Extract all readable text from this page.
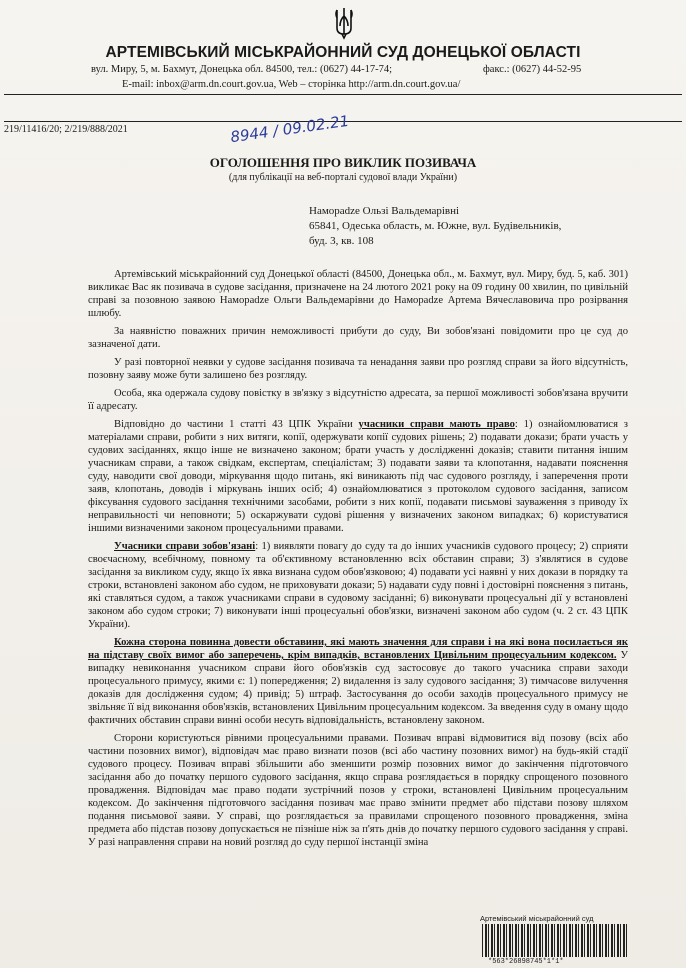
АРТЕМІВСЬКИЙ МІСЬКРАЙОННИЙ СУД ДОНЕЦЬКОЇ ОБЛАСТІ
вул. Миру, 5, м. Бахмут, Донецька обл. 84500, тел.: (0627) 44-17-74;	факс.: (0627) 44-52-95
E-mail: inbox@arm.dn.court.gov.ua, Web – сторінка http://arm.dn.court.gov.ua/
219/11416/20; 2/219/888/2021	8944 / 09.02.21
ОГОЛОШЕННЯ ПРО ВИКЛИК ПОЗИВАЧА
(для публікації на веб-порталі судової влади України)
Намораdze Ользі Вальдемарівні
65841, Одеська область, м. Южне, вул. Будівельників,
буд. 3, кв. 108

Артемівський міськрайонний суд Донецької області (84500, Донецька обл., м. Бахмут, вул. Миру, буд. 5, каб. 301) викликає Вас як позивача в судове засідання, призначене на 24 лютого 2021 року на 09 годину 00 хвилин, по цивільній справі за позовною заявою Намораdze Ольги Вальдемарівни до Намораdze Артема Вячеславовича про розірвання шлюбу.

За наявністю поважних причин неможливості прибути до суду, Ви зобов'язані повідомити про це суд до зазначеної дати.

У разі повторної неявки у судове засідання позивача та ненадання заяви про розгляд справи за його відсутність, позовну заяву може бути залишено без розгляду.

Особа, яка одержала судову повістку в зв'язку з відсутністю адресата, за першої можливості зобов'язана вручити її адресату.

Відповідно до частини 1 статті 43 ЦПК України учасники справи мають право: 1) ознайомлюватися з матеріалами справи, робити з них витяги, копії, одержувати копії судових рішень; 2) подавати докази; брати участь у судових засіданнях, якщо інше не визначено законом; брати участь у дослідженні доказів; ставити питання іншим учасникам справи, а також свідкам, експертам, спеціалістам; 3) подавати заяви та клопотання, надавати пояснення суду, наводити свої доводи, міркування щодо питань, які виникають під час судового розгляду, і заперечення проти заяв, клопотань, доводів і міркувань інших осіб; 4) ознайомлюватися з протоколом судового засідання, записом фіксування судового засідання технічними засобами, робити з них копії, подавати письмові зауваження з приводу їх неправильності чи неповноти; 5) оскаржувати судові рішення у визначених законом випадках; 6) користуватися іншими визначеними законом процесуальними правами.

Учасники справи зобов'язані: 1) виявляти повагу до суду та до інших учасників судового процесу; 2) сприяти своєчасному, всебічному, повному та об'єктивному встановленню всіх обставин справи; 3) з'являтися в судове засідання за викликом суду, якщо їх явка визнана судом обов'язковою; 4) подавати усі наявні у них докази в порядку та строки, встановлені законом або судом, не приховувати докази; 5) надавати суду повні і достовірні пояснення з питань, які ставляться судом, а також учасниками справи в судовому засіданні; 6) виконувати процесуальні дії у встановлені законом або судом строки; 7) виконувати інші процесуальні обов'язки, визначені законом або судом (ч. 2 ст. 43 ЦПК України).

Кожна сторона повинна довести обставини, які мають значення для справи і на які вона посилається як на підставу своїх вимог або заперечень, крім випадків, встановлених Цивільним процесуальним кодексом. У випадку невиконання учасником справи його обов'язків суд застосовує до такого учасника справи заходи процесуального примусу, якими є: 1) попередження; 2) видалення із залу судового засідання; 3) тимчасове вилучення доказів для дослідження судом; 4) привід; 5) штраф. Застосування до особи заходів процесуального примусу не звільняє її від виконання обов'язків, встановлених Цивільним процесуальним кодексом. За введення суду в оману щодо фактичних обставин справи винні особи несуть відповідальність, встановлену законом.

Сторони користуються рівними процесуальними правами. Позивач вправі відмовитися від позову (всіх або частини позовних вимог), відповідач має право визнати позов (всі або частину позовних вимог) на будь-якій стадії судового процесу. Позивач вправі збільшити або зменшити розмір позовних вимог до закінчення підготовчого засідання або до початку першого судового засідання, якщо справа розглядається в порядку спрощеного позовного провадження. Відповідач має право подати зустрічний позов у строки, встановлені Цивільним процесуальним кодексом. До закінчення підготовчого засідання позивач має право змінити предмет або підстави позову шляхом подання письмової заяви. У справі, що розглядається за правилами спрощеного позовного провадження, зміна предмета або підстав позову допускається не пізніше ніж за п'ять днів до початку першого судового засідання у справі. У разі направлення справи на новий розгляд до суду першої інстанції зміна

Артемівський міськрайонний суд
*563*26898745*1*1*
